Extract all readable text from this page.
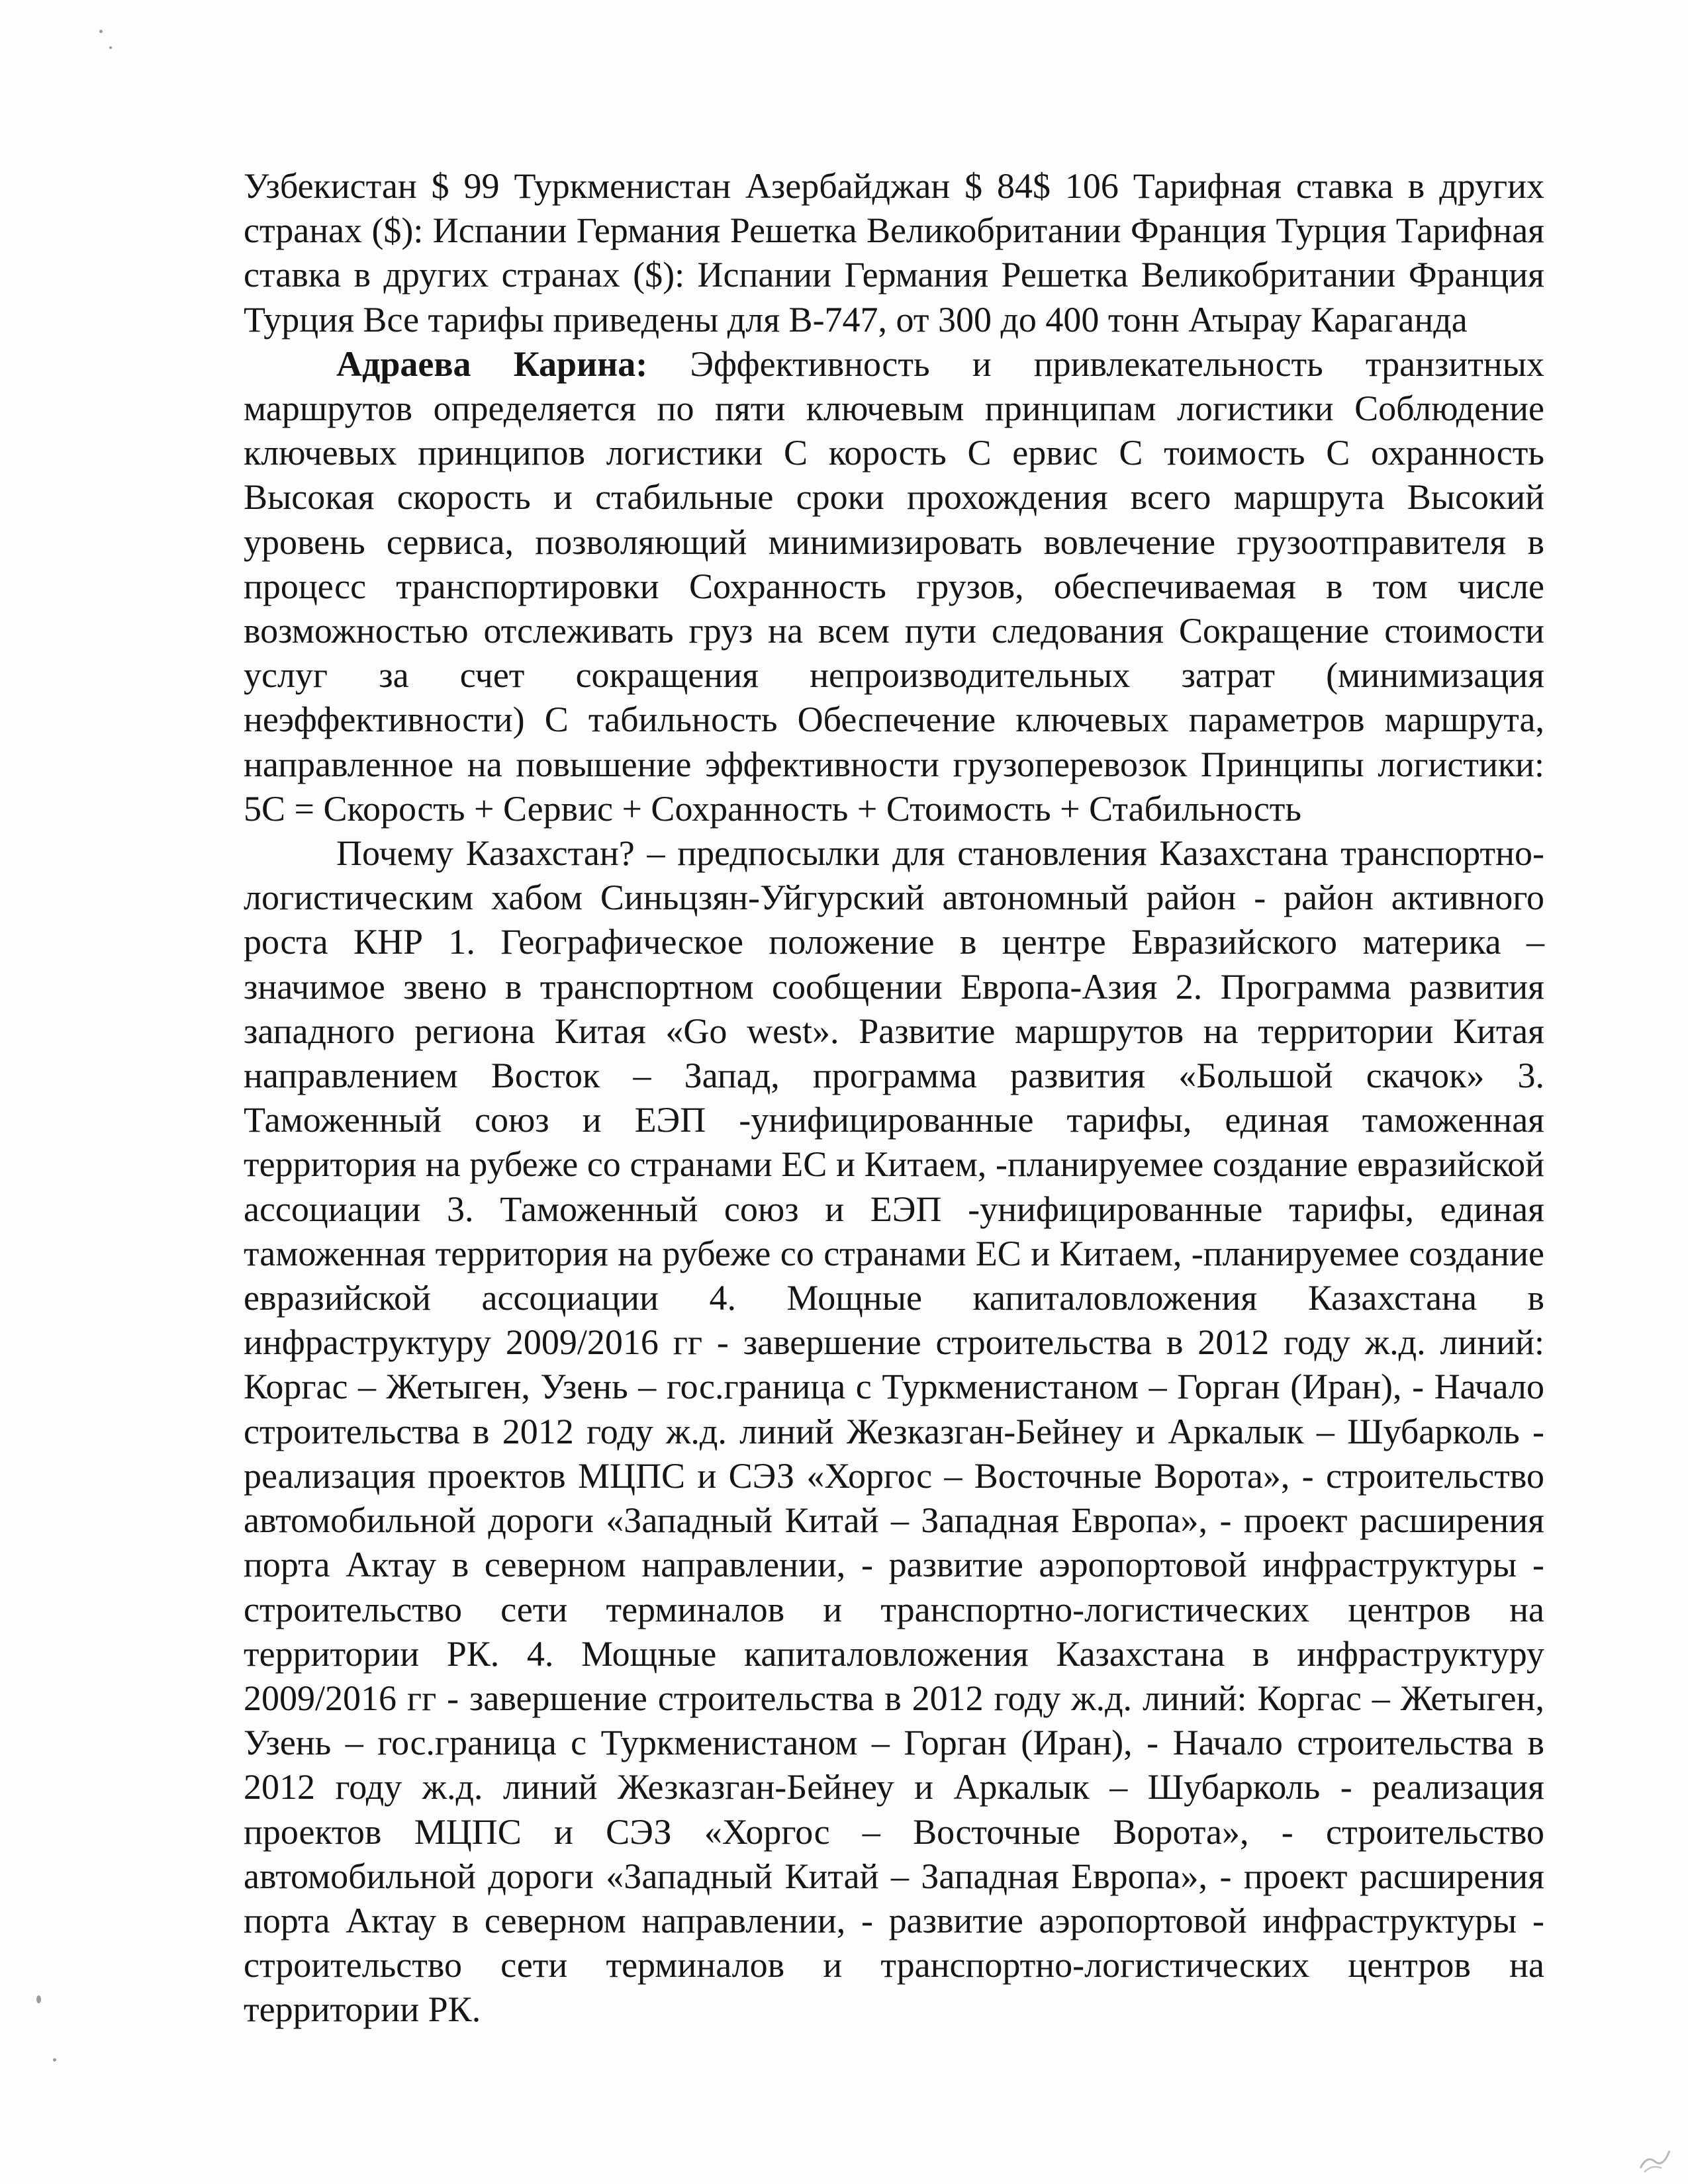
Узбекистан $ 99 Туркменистан Азербайджан $ 84$ 106 Тарифная ставка в других странах ($): Испании Германия Решетка Великобритании Франция Турция Тарифная ставка в других странах ($): Испании Германия Решетка Великобритании Франция Турция Все тарифы приведены для В-747, от 300 до 400 тонн Атырау Караганда

Адраева Карина: Эффективность и привлекательность транзитных маршрутов определяется по пяти ключевым принципам логистики Соблюдение ключевых принципов логистики С корость С ервис С тоимость С охранность Высокая скорость и стабильные сроки прохождения всего маршрута Высокий уровень сервиса, позволяющий минимизировать вовлечение грузоотправителя в процесс транспортировки Сохранность грузов, обеспечиваемая в том числе возможностью отслеживать груз на всем пути следования Сокращение стоимости услуг за счет сокращения непроизводительных затрат (минимизация неэффективности) С табильность Обеспечение ключевых параметров маршрута, направленное на повышение эффективности грузоперевозок Принципы логистики: 5С = Скорость + Сервис + Сохранность + Стоимость + Стабильность

Почему Казахстан? – предпосылки для становления Казахстана транспортно-логистическим хабом Синьцзян-Уйгурский автономный район - район активного роста КНР 1. Географическое положение в центре Евразийского материка – значимое звено в транспортном сообщении Европа-Азия 2. Программа развития западного региона Китая «Go west». Развитие маршрутов на территории Китая направлением Восток – Запад, программа развития «Большой скачок» 3. Таможенный союз и ЕЭП -унифицированные тарифы, единая таможенная территория на рубеже со странами ЕС и Китаем, -планируемее создание евразийской ассоциации 3. Таможенный союз и ЕЭП -унифицированные тарифы, единая таможенная территория на рубеже со странами ЕС и Китаем, -планируемее создание евразийской ассоциации 4. Мощные капиталовложения Казахстана в инфраструктуру 2009/2016 гг - завершение строительства в 2012 году ж.д. линий: Коргас – Жетыген, Узень – гос.граница с Туркменистаном – Горган (Иран), - Начало строительства в 2012 году ж.д. линий Жезказган-Бейнеу и Аркалык – Шубарколь - реализация проектов МЦПС и СЭЗ «Хоргос – Восточные Ворота», - строительство автомобильной дороги «Западный Китай – Западная Европа», - проект расширения порта Актау в северном направлении, - развитие аэропортовой инфраструктуры - строительство сети терминалов и транспортно-логистических центров на территории РК. 4. Мощные капиталовложения Казахстана в инфраструктуру 2009/2016 гг - завершение строительства в 2012 году ж.д. линий: Коргас – Жетыген, Узень – гос.граница с Туркменистаном – Горган (Иран), - Начало строительства в 2012 году ж.д. линий Жезказган-Бейнеу и Аркалык – Шубарколь - реализация проектов МЦПС и СЭЗ «Хоргос – Восточные Ворота», - строительство автомобильной дороги «Западный Китай – Западная Европа», - проект расширения порта Актау в северном направлении, - развитие аэропортовой инфраструктуры - строительство сети терминалов и транспортно-логистических центров на территории РК.
